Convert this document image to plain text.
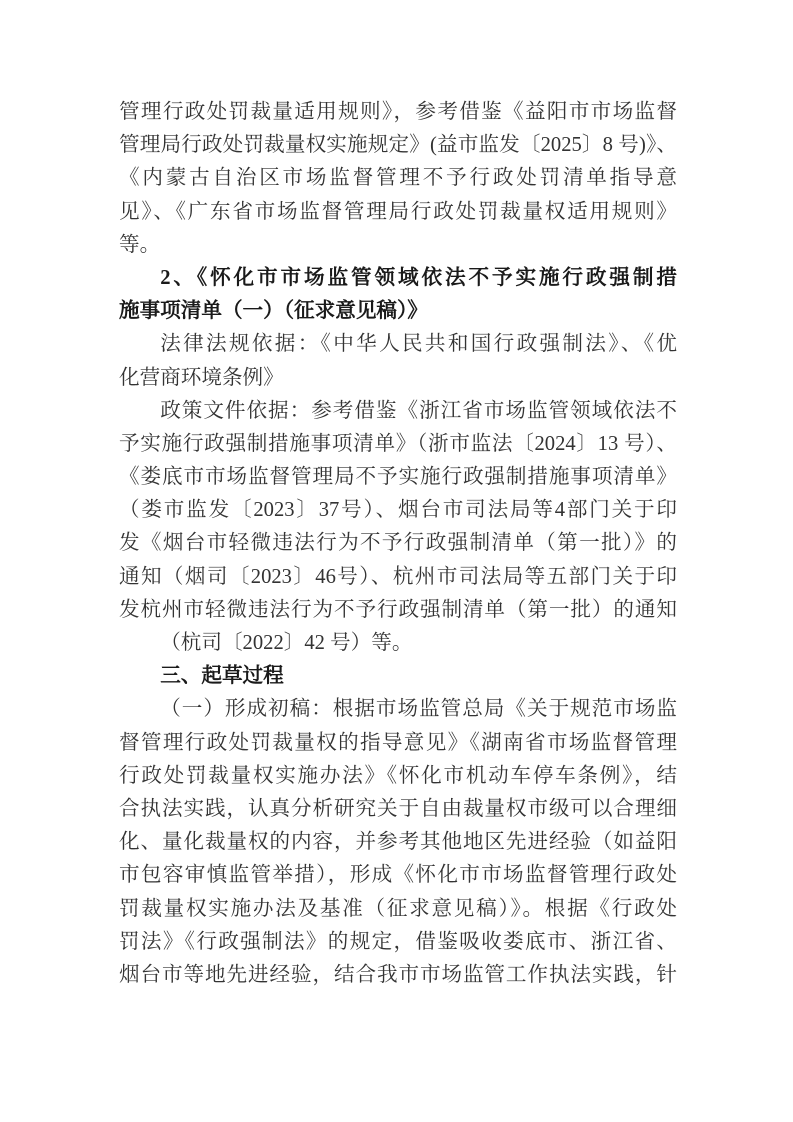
管理行政处罚裁量适用规则》，参考借鉴《益阳市市场监督
管理局行政处罚裁量权实施规定》(益市监发〔2025〕8 号)》、
《内蒙古自治区市场监督管理不予行政处罚清单指导意
见》、《广东省市场监督管理局行政处罚裁量权适用规则》
等。
2、《怀化市市场监管领域依法不予实施行政强制措
施事项清单（一）（征求意见稿）》
法律法规依据：《中华人民共和国行政强制法》、《优
化营商环境条例》
政策文件依据：参考借鉴《浙江省市场监管领域依法不
予实施行政强制措施事项清单》（浙市监法〔2024〕13 号）、
《娄底市市场监督管理局不予实施行政强制措施事项清单》
（娄市监发〔2023〕37号）、烟台市司法局等4部门关于印
发《烟台市轻微违法行为不予行政强制清单（第一批）》的
通知（烟司〔2023〕46号）、杭州市司法局等五部门关于印
发杭州市轻微违法行为不予行政强制清单（第一批）的通知
（杭司〔2022〕42 号）等。
三、起草过程
（一）形成初稿：根据市场监管总局《关于规范市场监
督管理行政处罚裁量权的指导意见》《湖南省市场监督管理
行政处罚裁量权实施办法》《怀化市机动车停车条例》，结
合执法实践，认真分析研究关于自由裁量权市级可以合理细
化、量化裁量权的内容，并参考其他地区先进经验（如益阳
市包容审慎监管举措），形成《怀化市市场监督管理行政处
罚裁量权实施办法及基准（征求意见稿）》。根据《行政处
罚法》《行政强制法》的规定，借鉴吸收娄底市、浙江省、
烟台市等地先进经验，结合我市市场监管工作执法实践，针
